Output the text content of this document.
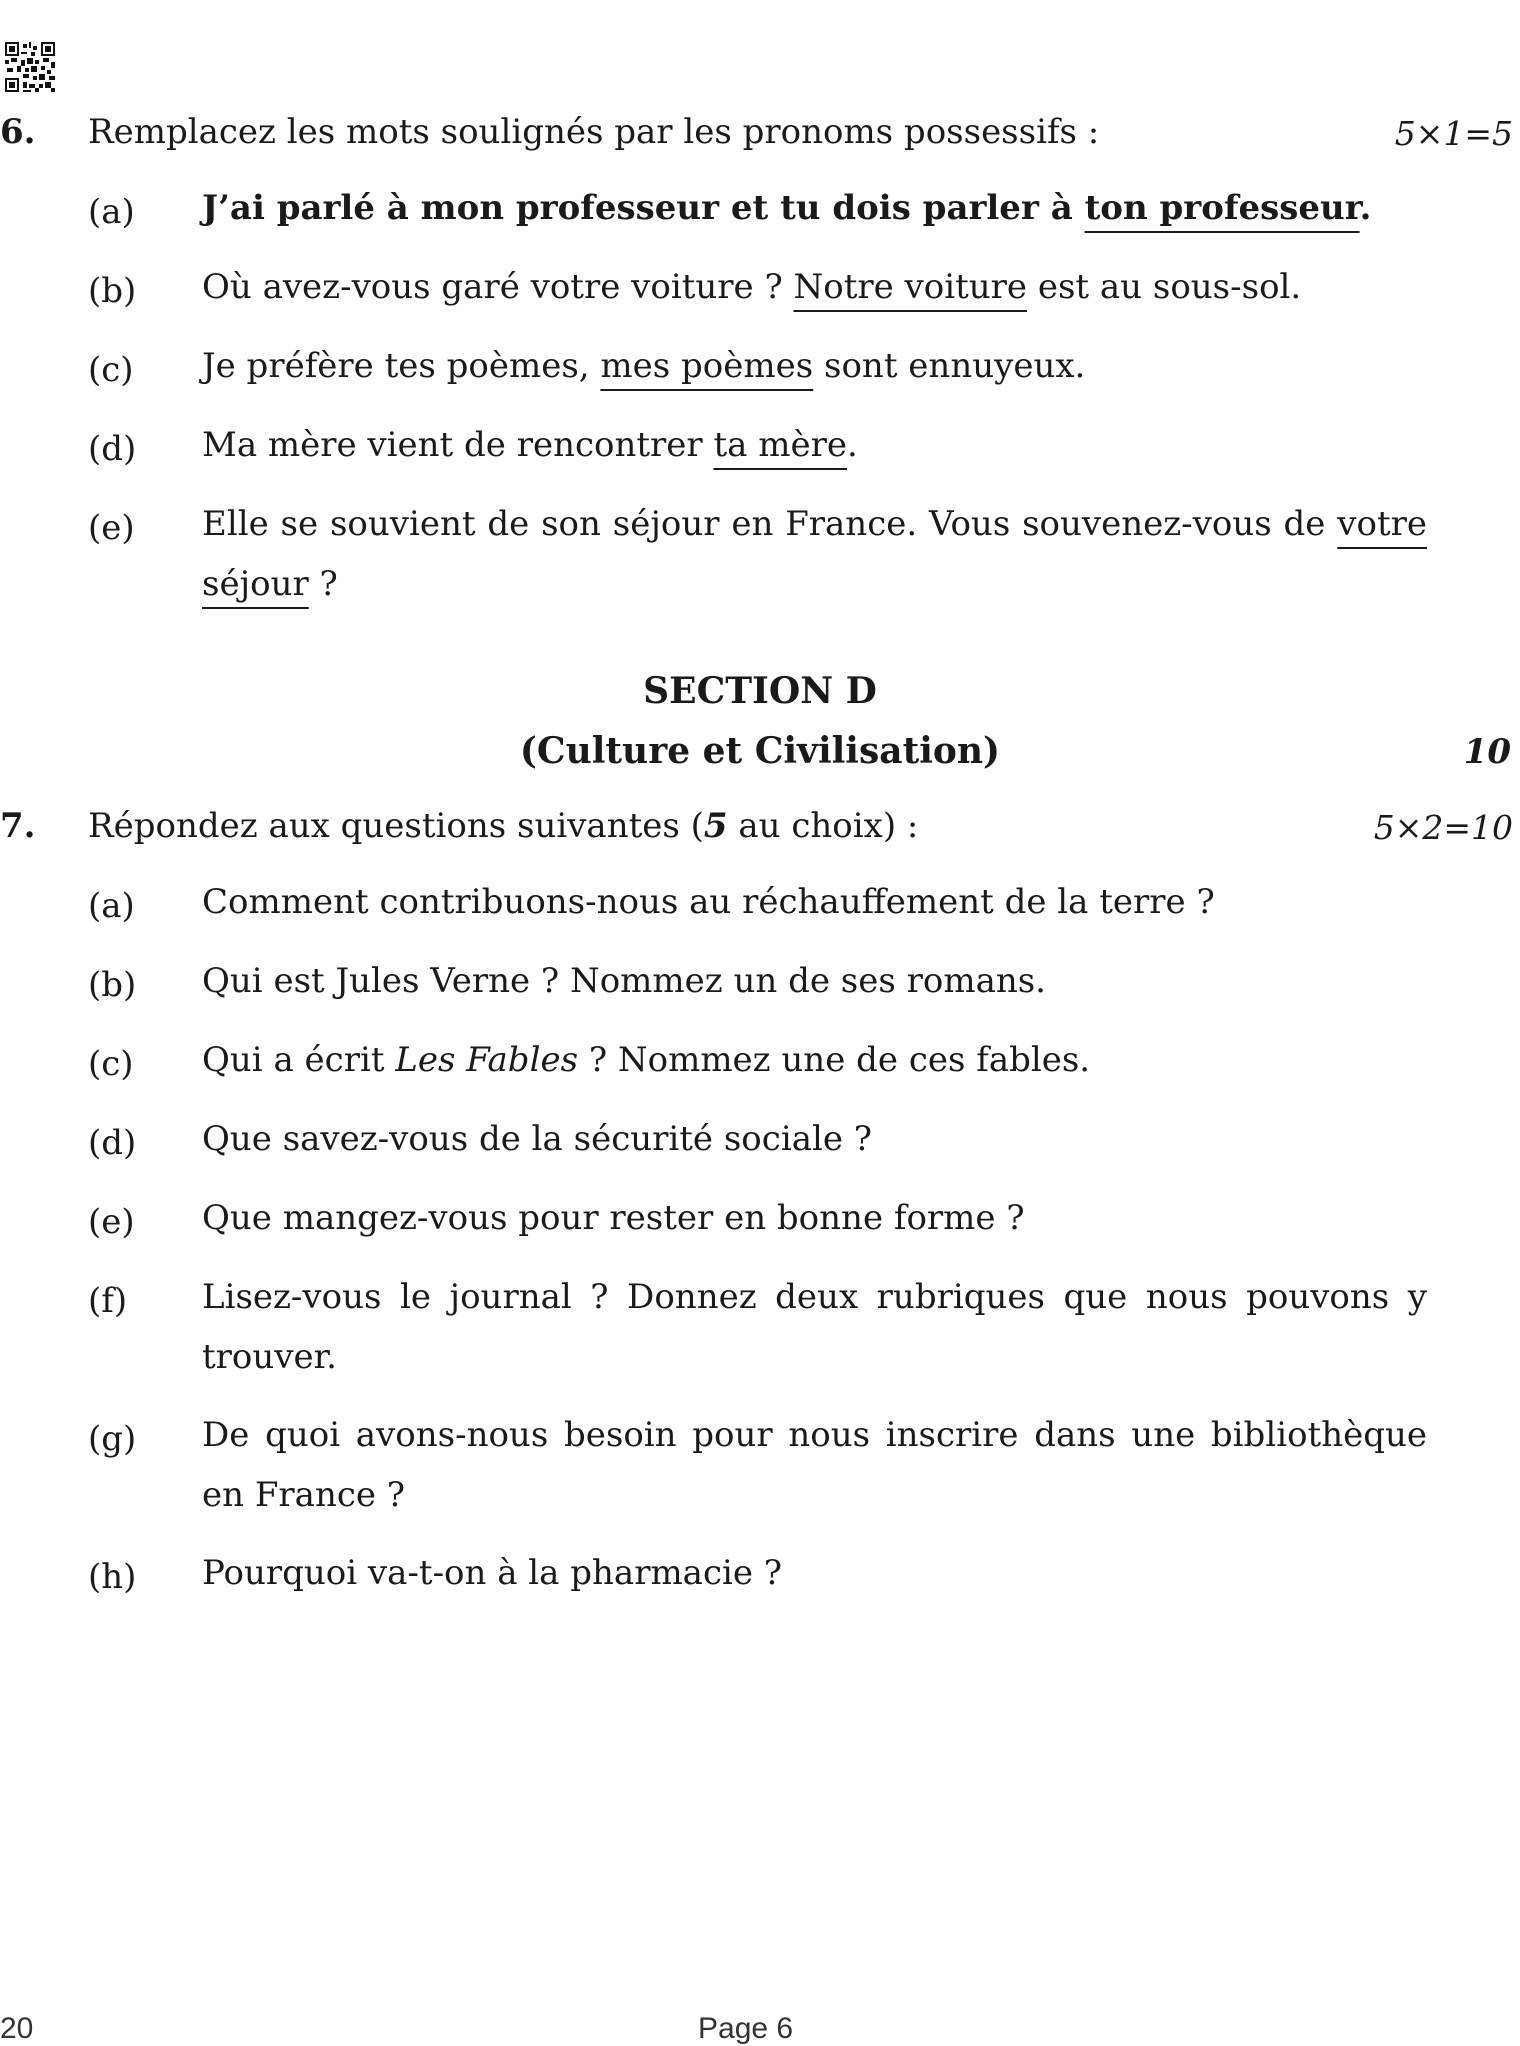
6. Remplacez les mots soulignés par les pronoms possessifs :	5×1=5
(a) J’ai parlé à mon professeur et tu dois parler à ton professeur.
(b) Où avez-vous garé votre voiture ? Notre voiture est au sous-sol.
(c) Je préfère tes poèmes, mes poèmes sont ennuyeux.
(d) Ma mère vient de rencontrer ta mère.
(e) Elle se souvient de son séjour en France. Vous souvenez-vous de votre séjour ?
SECTION D
(Culture et Civilisation)	10
7. Répondez aux questions suivantes (5 au choix) :	5×2=10
(a) Comment contribuons-nous au réchauffement de la terre ?
(b) Qui est Jules Verne ? Nommez un de ses romans.
(c) Qui a écrit Les Fables ? Nommez une de ces fables.
(d) Que savez-vous de la sécurité sociale ?
(e) Que mangez-vous pour rester en bonne forme ?
(f) Lisez-vous le journal ? Donnez deux rubriques que nous pouvons y trouver.
(g) De quoi avons-nous besoin pour nous inscrire dans une bibliothèque en France ?
(h) Pourquoi va-t-on à la pharmacie ?
20	Page 6
